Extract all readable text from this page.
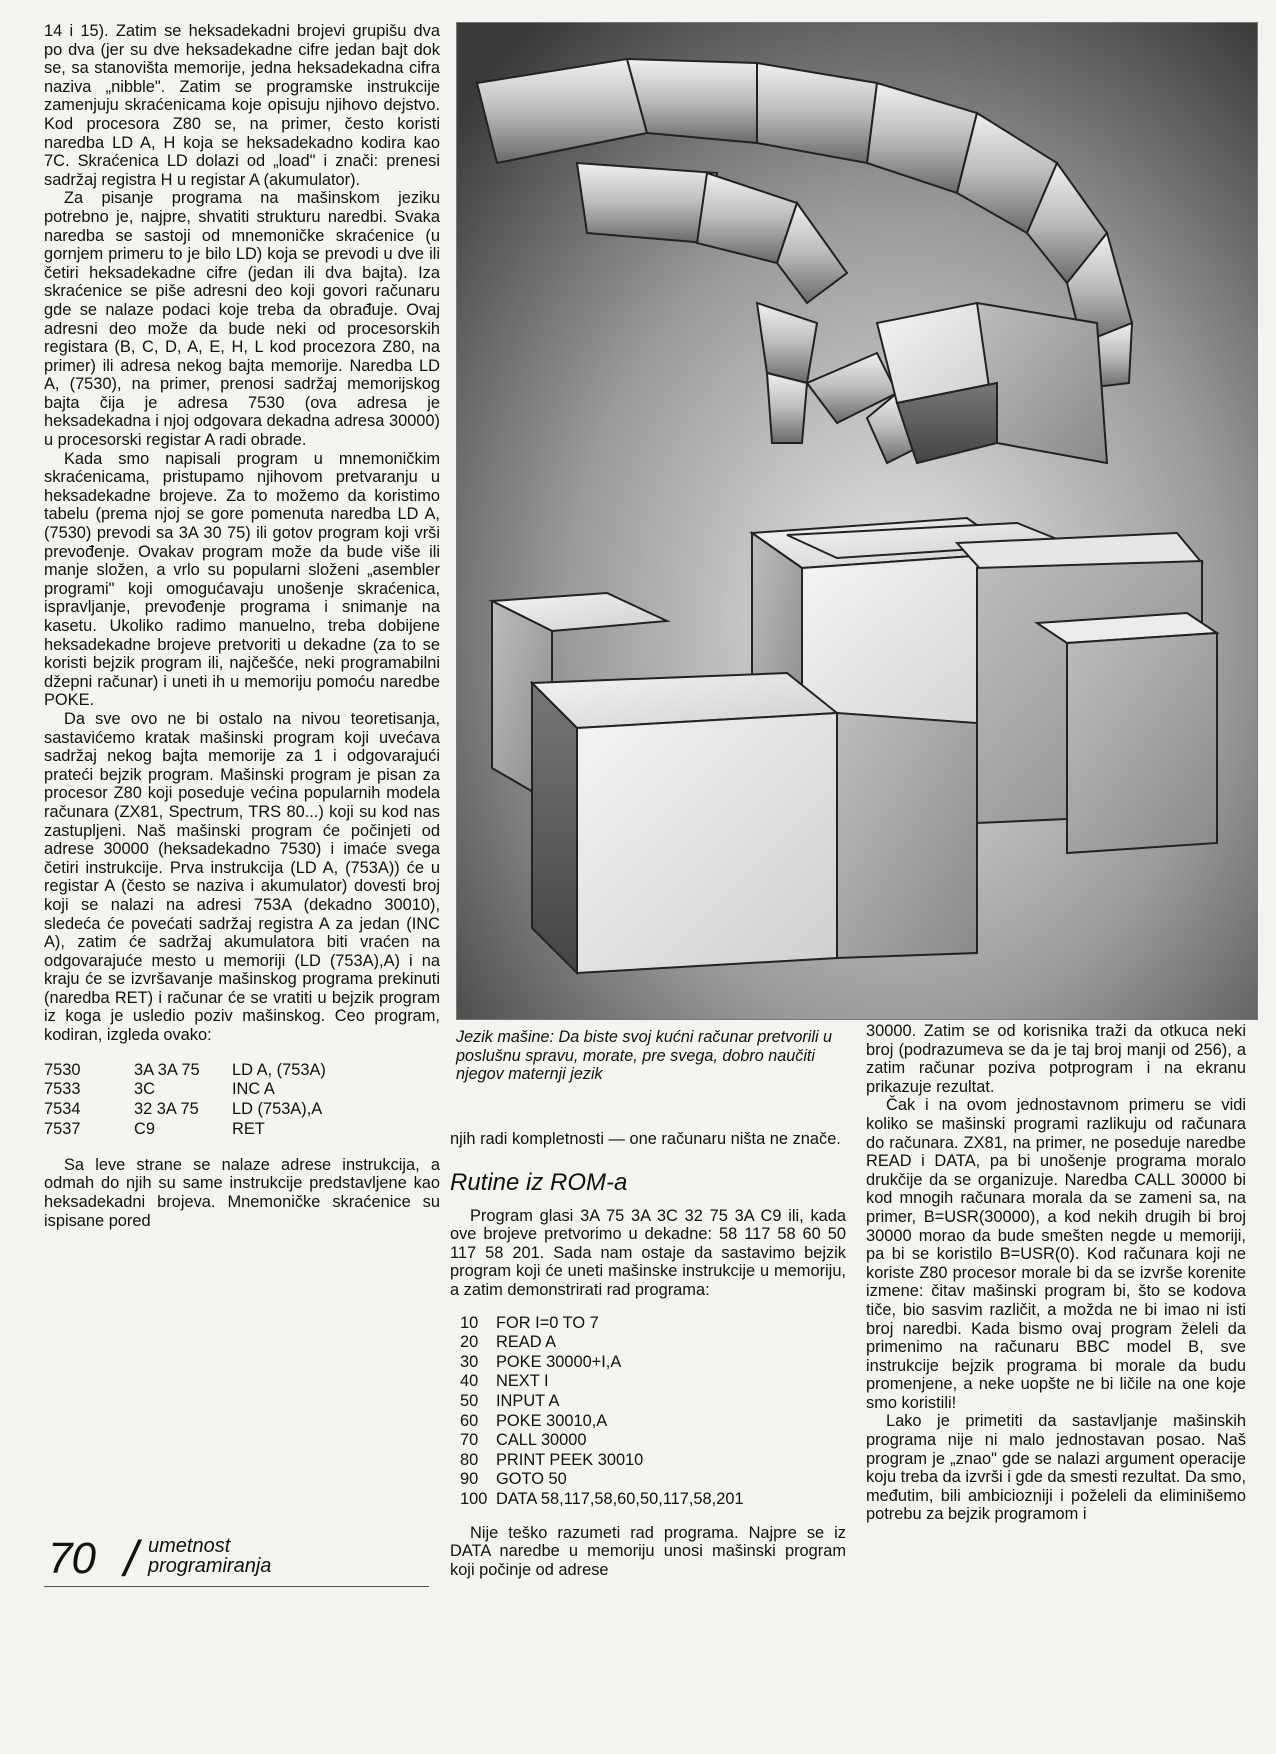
14 i 15). Zatim se heksadekadni brojevi grupišu dva po dva (jer su dve heksadekadne cifre jedan bajt dok se, sa stanovišta memorije, jedna heksadekadna cifra naziva „nibble". Zatim se programske instrukcije zamenjuju skraćenicama koje opisuju njihovo dejstvo. Kod procesora Z80 se, na primer, često koristi naredba LD A, H koja se heksadekadno kodira kao 7C. Skraćenica LD dolazi od „load" i znači: prenesi sadržaj registra H u registar A (akumulator).

Za pisanje programa na mašinskom jeziku potrebno je, najpre, shvatiti strukturu naredbi. Svaka naredba se sastoji od mnemoničke skraćenice (u gornjem primeru to je bilo LD) koja se prevodi u dve ili četiri heksadekadne cifre (jedan ili dva bajta). Iza skraćenice se piše adresni deo koji govori računaru gde se nalaze podaci koje treba da obrađuje. Ovaj adresni deo može da bude neki od procesorskih registara (B, C, D, A, E, H, L kod procezora Z80, na primer) ili adresa nekog bajta memorije. Naredba LD A, (7530), na primer, prenosi sadržaj memorijskog bajta čija je adresa 7530 (ova adresa je heksadekadna i njoj odgovara dekadna adresa 30000) u procesorski registar A radi obrade.

Kada smo napisali program u mnemoničkim skraćenicama, pristupamo njihovom pretvaranju u heksadekadne brojeve. Za to možemo da koristimo tabelu (prema njoj se gore pomenuta naredba LD A, (7530) prevodi sa 3A 30 75) ili gotov program koji vrši prevođenje. Ovakav program može da bude više ili manje složen, a vrlo su popularni složeni „asembler programi" koji omogućavaju unošenje skraćenica, ispravljanje, prevođenje programa i snimanje na kasetu. Ukoliko radimo manuelno, treba dobijene heksadekadne brojeve pretvoriti u dekadne (za to se koristi bejzik program ili, najčešće, neki programabilni džepni računar) i uneti ih u memoriju pomoću naredbe POKE.

Da sve ovo ne bi ostalo na nivou teoretisanja, sastavićemo kratak mašinski program koji uvećava sadržaj nekog bajta memorije za 1 i odgovarajući prateći bejzik program. Mašinski program je pisan za procesor Z80 koji poseduje većina popularnih modela računara (ZX81, Spectrum, TRS 80...) koji su kod nas zastupljeni. Naš mašinski program će počinjeti od adrese 30000 (heksadekadno 7530) i imaće svega četiri instrukcije. Prva instrukcija (LD A, (753A)) će u registar A (često se naziva i akumulator) dovesti broj koji se nalazi na adresi 753A (dekadno 30010), sledeća će povećati sadržaj registra A za jedan (INC A), zatim će sadržaj akumulatora biti vraćen na odgovarajuće mesto u memoriji (LD (753A),A) i na kraju će se izvršavanje mašinskog programa prekinuti (naredba RET) i računar će se vratiti u bejzik program iz koga je usledio poziv mašinskog. Ceo program, kodiran, izgleda ovako:

7530	3A 3A 75	LD A, (753A)
7533	3C	INC A
7534	32 3A 75	LD (753A),A
7537	C9	RET

Sa leve strane se nalaze adrese instrukcija, a odmah do njih su same instrukcije predstavljene kao heksadekadni brojeva. Mnemoničke skraćenice su ispisane pored

70 / umetnost
programiranja

Jezik mašine: Da biste svoj kućni računar pretvorili u poslušnu spravu, morate, pre svega, dobro naučiti njegov maternji jezik

njih radi kompletnosti — one računaru ništa ne znače.

Rutine iz ROM-a

Program glasi 3A 75 3A 3C 32 75 3A C9 ili, kada ove brojeve pretvorimo u dekadne: 58 117 58 60 50 117 58 201. Sada nam ostaje da sastavimo bejzik program koji će uneti mašinske instrukcije u memoriju, a zatim demonstrirati rad programa:

10 FOR I=0 TO 7
20 READ A
30 POKE 30000+I,A
40 NEXT I
50 INPUT A
60 POKE 30010,A
70 CALL 30000
80 PRINT PEEK 30010
90 GOTO 50
100 DATA 58,117,58,60,50,117,58,201

Nije teško razumeti rad programa. Najpre se iz DATA naredbe u memoriju unosi mašinski program koji počinje od adrese

30000. Zatim se od korisnika traži da otkuca neki broj (podrazumeva se da je taj broj manji od 256), a zatim računar poziva potprogram i na ekranu prikazuje rezultat.

Čak i na ovom jednostavnom primeru se vidi koliko se mašinski programi razlikuju od računara do računara. ZX81, na primer, ne poseduje naredbe READ i DATA, pa bi unošenje programa moralo drukčije da se organizuje. Naredba CALL 30000 bi kod mnogih računara morala da se zameni sa, na primer, B=USR(30000), a kod nekih drugih bi broj 30000 morao da bude smešten negde u memoriji, pa bi se koristilo B=USR(0). Kod računara koji ne koriste Z80 procesor morale bi da se izvrše korenite izmene: čitav mašinski program bi, što se kodova tiče, bio sasvim različit, a možda ne bi imao ni isti broj naredbi. Kada bismo ovaj program želeli da primenimo na računaru BBC model B, sve instrukcije bejzik programa bi morale da budu promenjene, a neke uopšte ne bi ličile na one koje smo koristili!

Lako je primetiti da sastavljanje mašinskih programa nije ni malo jednostavan posao. Naš program je „znao" gde se nalazi argument operacije koju treba da izvrši i gde da smesti rezultat. Da smo, međutim, bili ambiciozniji i poželeli da eliminišemo potrebu za bejzik programom i
